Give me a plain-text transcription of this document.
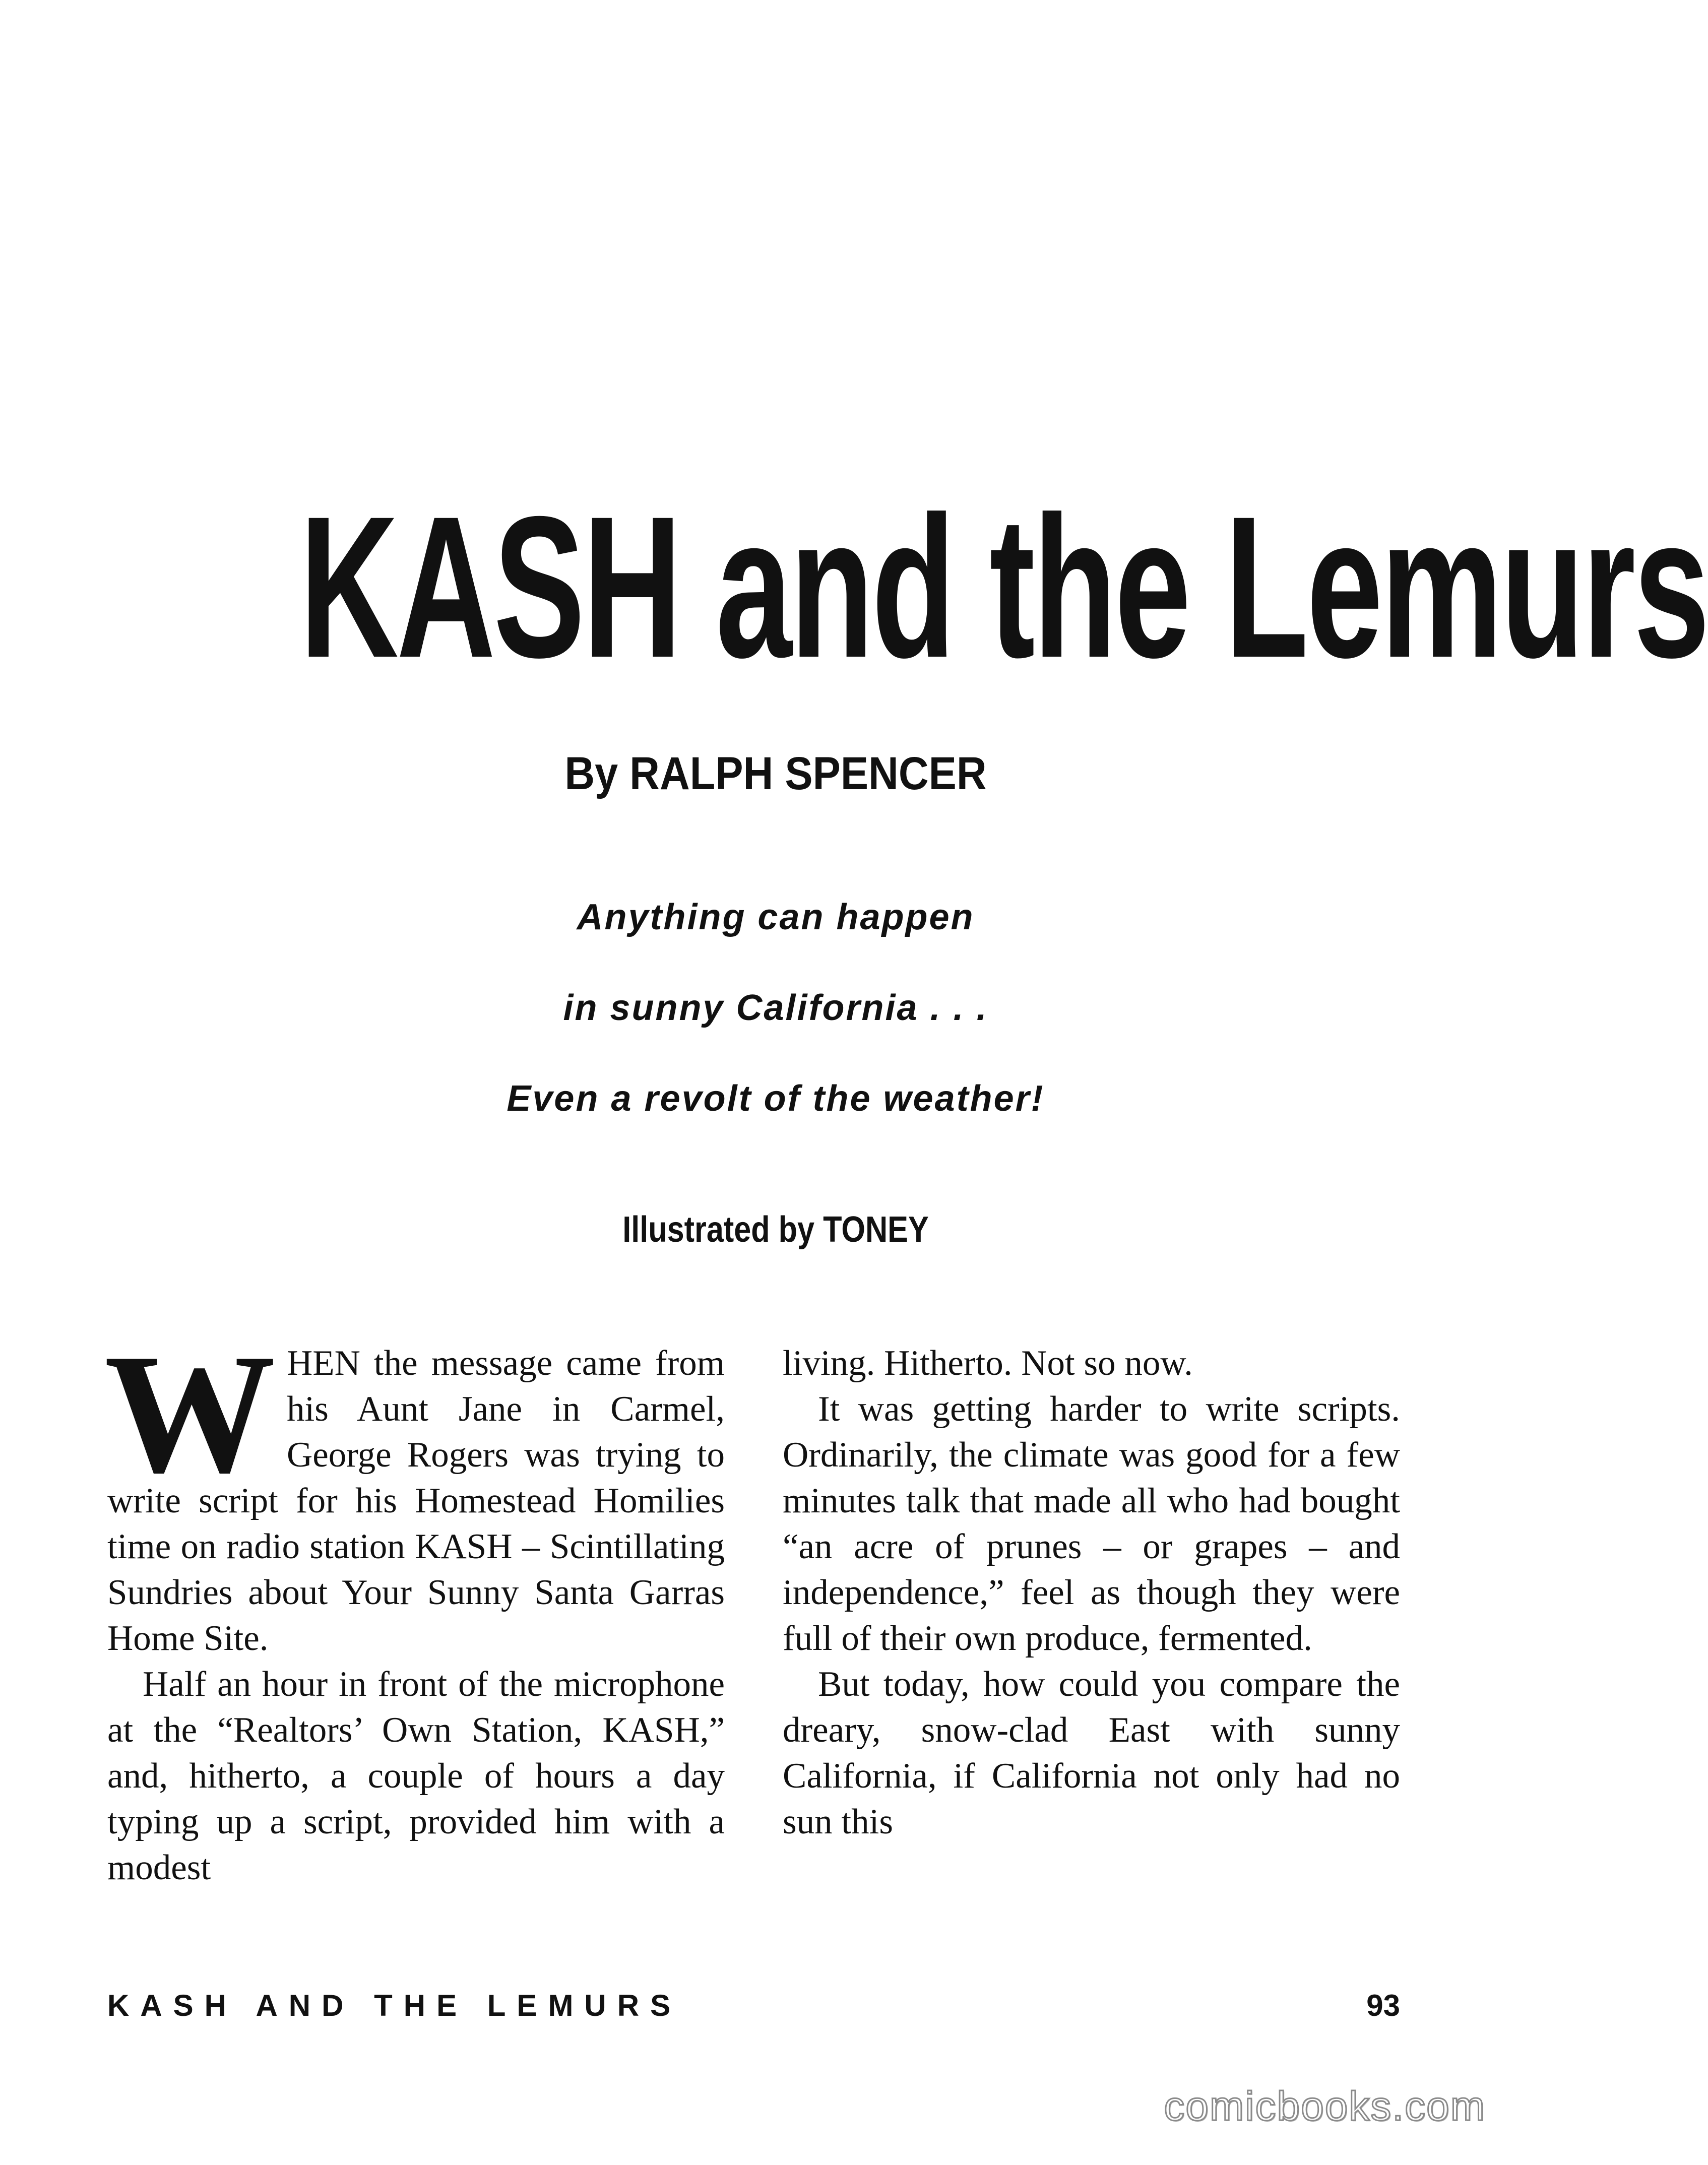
KASH and the Lemurs
By RALPH SPENCER
Anything can happen
in sunny California . . .
Even a revolt of the weather!
Illustrated by TONEY
W HEN the message came from his Aunt Jane in Carmel, George Rogers was trying to write script for his Homestead Homilies time on radio station KASH – Scintillating Sundries about Your Sunny Santa Garras Home Site.

Half an hour in front of the microphone at the “Realtors’ Own Station, KASH,” and, hitherto, a couple of hours a day typing up a script, provided him with a modest

living. Hitherto. Not so now.

It was getting harder to write scripts. Ordinarily, the climate was good for a few minutes talk that made all who had bought “an acre of prunes – or grapes – and independence,” feel as though they were full of their own produce, fermented.

But today, how could you compare the dreary, snow-clad East with sunny California, if California not only had no sun this

KASH AND THE LEMURS	93
comicbooks.com
